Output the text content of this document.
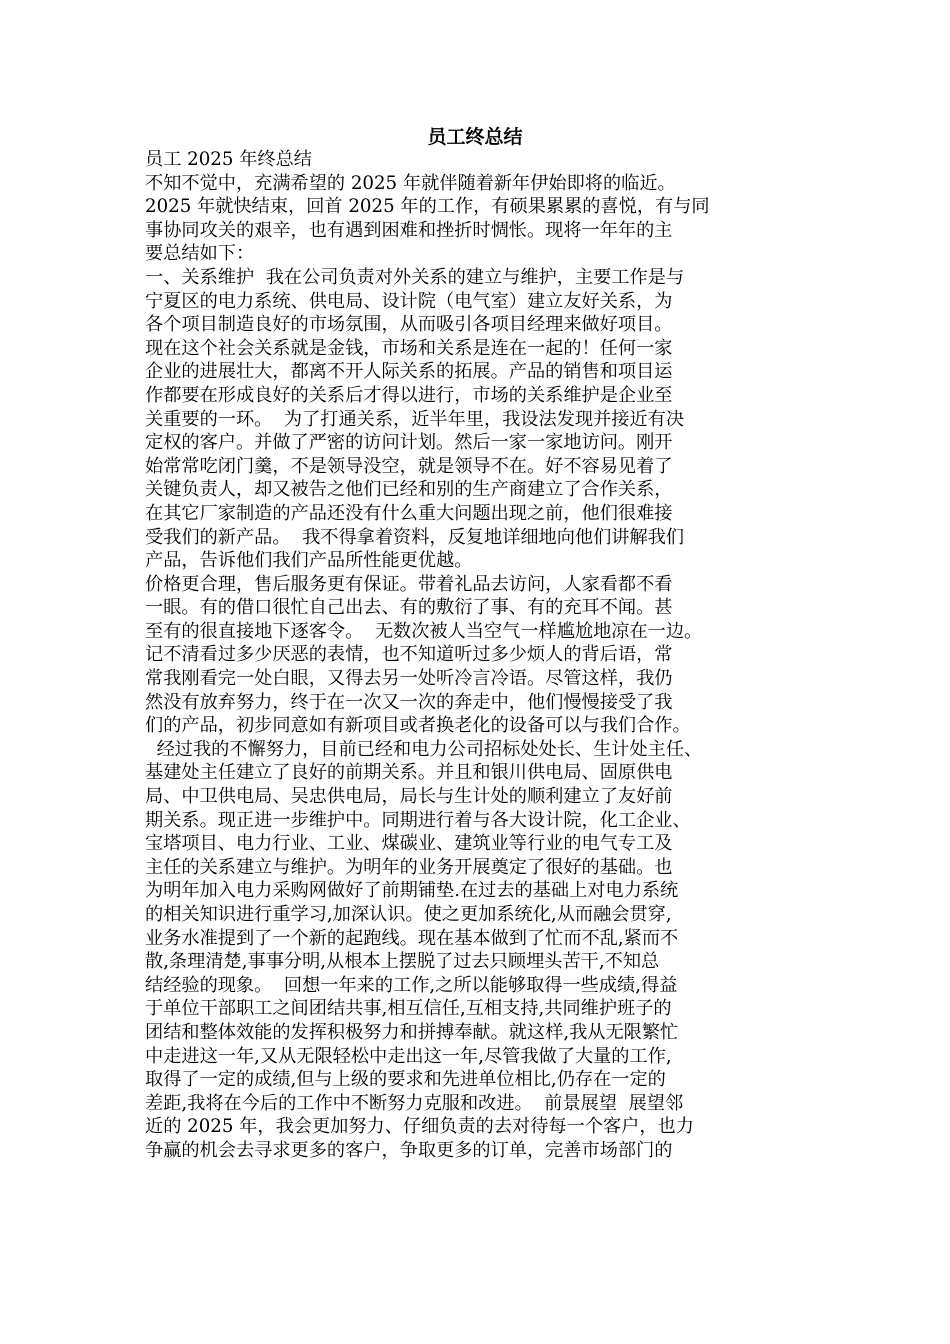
员工终总结
员工 2025 年终总结
不知不觉中，充满希望的 2025 年就伴随着新年伊始即将的临近。
2025 年就快结束，回首 2025 年的工作，有硕果累累的喜悦，有与同
事协同攻关的艰辛，也有遇到困难和挫折时惆怅。现将一年年的主
要总结如下：
一、关系维护  我在公司负责对外关系的建立与维护，主要工作是与
宁夏区的电力系统、供电局、设计院（电气室）建立友好关系，为
各个项目制造良好的市场氛围，从而吸引各项目经理来做好项目。
现在这个社会关系就是金钱，市场和关系是连在一起的！任何一家
企业的进展壮大，都离不开人际关系的拓展。产品的销售和项目运
作都要在形成良好的关系后才得以进行，市场的关系维护是企业至
关重要的一环。  为了打通关系，近半年里，我设法发现并接近有决
定权的客户。并做了严密的访问计划。然后一家一家地访问。刚开
始常常吃闭门羹，不是领导没空，就是领导不在。好不容易见着了
关键负责人，却又被告之他们已经和别的生产商建立了合作关系，
在其它厂家制造的产品还没有什么重大问题出现之前，他们很难接
受我们的新产品。  我不得拿着资料，反复地详细地向他们讲解我们
产品，告诉他们我们产品所性能更优越。
价格更合理，售后服务更有保证。带着礼品去访问，人家看都不看
一眼。有的借口很忙自己出去、有的敷衍了事、有的充耳不闻。甚
至有的很直接地下逐客令。  无数次被人当空气一样尴尬地凉在一边。
记不清看过多少厌恶的表情，也不知道听过多少烦人的背后语，常
常我刚看完一处白眼，又得去另一处听冷言冷语。尽管这样，我仍
然没有放弃努力，终于在一次又一次的奔走中，他们慢慢接受了我
们的产品，初步同意如有新项目或者换老化的设备可以与我们合作。
经过我的不懈努力，目前已经和电力公司招标处处长、生计处主任、
基建处主任建立了良好的前期关系。并且和银川供电局、固原供电
局、中卫供电局、吴忠供电局，局长与生计处的顺利建立了友好前
期关系。现正进一步维护中。同期进行着与各大设计院，化工企业、
宝塔项目、电力行业、工业、煤碳业、建筑业等行业的电气专工及
主任的关系建立与维护。为明年的业务开展奠定了很好的基础。也
为明年加入电力采购网做好了前期铺垫.在过去的基础上对电力系统
的相关知识进行重学习,加深认识。使之更加系统化,从而融会贯穿,
业务水准提到了一个新的起跑线。现在基本做到了忙而不乱,紧而不
散,条理清楚,事事分明,从根本上摆脱了过去只顾埋头苦干,不知总
结经验的现象。  回想一年来的工作,之所以能够取得一些成绩,得益
于单位干部职工之间团结共事,相互信任,互相支持,共同维护班子的
团结和整体效能的发挥积极努力和拼搏奉献。就这样,我从无限繁忙
中走进这一年,又从无限轻松中走出这一年,尽管我做了大量的工作,
取得了一定的成绩,但与上级的要求和先进单位相比,仍存在一定的
差距,我将在今后的工作中不断努力克服和改进。  前景展望  展望邻
近的 2025 年，我会更加努力、仔细负责的去对待每一个客户，也力
争赢的机会去寻求更多的客户，争取更多的订单，完善市场部门的
